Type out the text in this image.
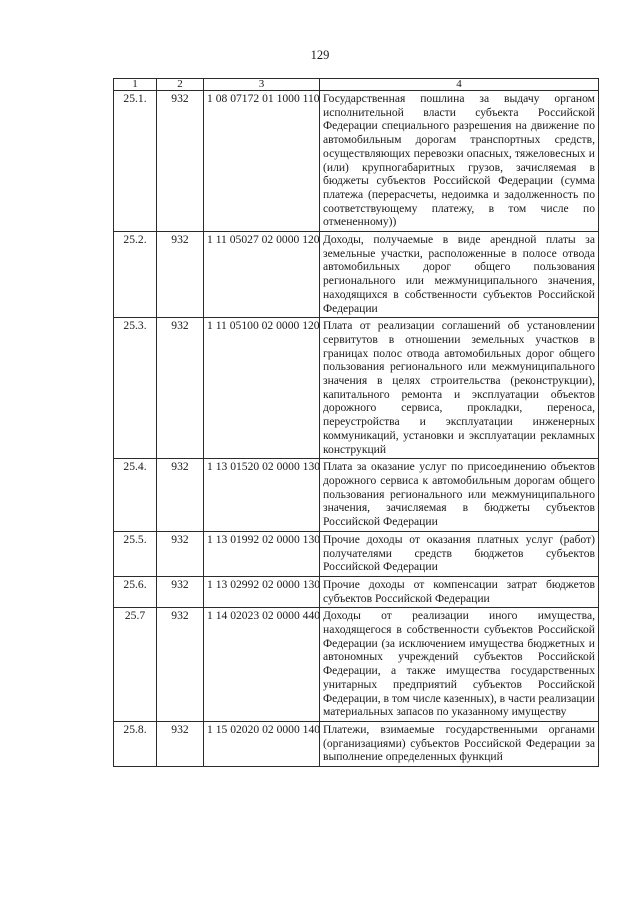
129
1	2	3	4
25.1.	932	1 08 07172 01 1000 110	Государственная пошлина за выдачу органом исполнительной власти субъекта Российской Федерации специального разрешения на движение по автомобильным дорогам транспортных средств, осуществляющих перевозки опасных, тяжеловесных и (или) крупногабаритных грузов, зачисляемая в бюджеты субъектов Российской Федерации (сумма платежа (перерасчеты, недоимка и задолженность по соответствующему платежу, в том числе по отмененному))
25.2.	932	1 11 05027 02 0000 120	Доходы, получаемые в виде арендной платы за земельные участки, расположенные в полосе отвода автомобильных дорог общего пользования регионального или межмуниципального значения, находящихся в собственности субъектов Российской Федерации
25.3.	932	1 11 05100 02 0000 120	Плата от реализации соглашений об установлении сервитутов в отношении земельных участков в границах полос отвода автомобильных дорог общего пользования регионального или межмуниципального значения в целях строительства (реконструкции), капитального ремонта и эксплуатации объектов дорожного сервиса, прокладки, переноса, переустройства и эксплуатации инженерных коммуникаций, установки и эксплуатации рекламных конструкций
25.4.	932	1 13 01520 02 0000 130	Плата за оказание услуг по присоединению объектов дорожного сервиса к автомобильным дорогам общего пользования регионального или межмуниципального значения, зачисляемая в бюджеты субъектов Российской Федерации
25.5.	932	1 13 01992 02 0000 130	Прочие доходы от оказания платных услуг (работ) получателями средств бюджетов субъектов Российской Федерации
25.6.	932	1 13 02992 02 0000 130	Прочие доходы от компенсации затрат бюджетов субъектов Российской Федерации
25.7	932	1 14 02023 02 0000 440	Доходы от реализации иного имущества, находящегося в собственности субъектов Российской Федерации (за исключением имущества бюджетных и автономных учреждений субъектов Российской Федерации, а также имущества государственных унитарных предприятий субъектов Российской Федерации, в том числе казенных), в части реализации материальных запасов по указанному имуществу
25.8.	932	1 15 02020 02 0000 140	Платежи, взимаемые государственными органами (организациями) субъектов Российской Федерации за выполнение определенных функций
